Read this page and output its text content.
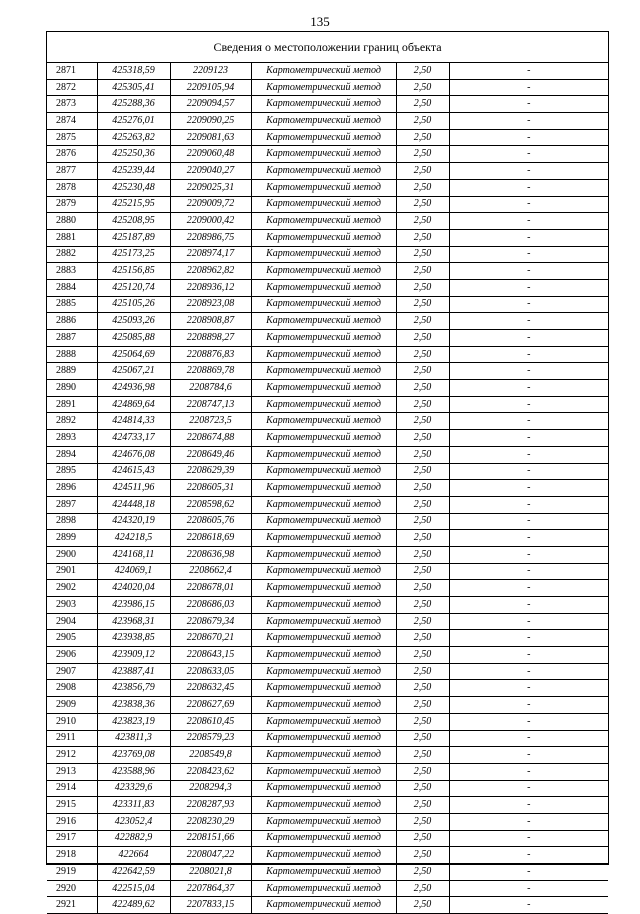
135
Сведения о местоположении границ объекта
2871	425318,59	2209123	Картометрический метод	2,50	-
2872	425305,41	2209105,94	Картометрический метод	2,50	-
2873	425288,36	2209094,57	Картометрический метод	2,50	-
2874	425276,01	2209090,25	Картометрический метод	2,50	-
2875	425263,82	2209081,63	Картометрический метод	2,50	-
2876	425250,36	2209060,48	Картометрический метод	2,50	-
2877	425239,44	2209040,27	Картометрический метод	2,50	-
2878	425230,48	2209025,31	Картометрический метод	2,50	-
2879	425215,95	2209009,72	Картометрический метод	2,50	-
2880	425208,95	2209000,42	Картометрический метод	2,50	-
2881	425187,89	2208986,75	Картометрический метод	2,50	-
2882	425173,25	2208974,17	Картометрический метод	2,50	-
2883	425156,85	2208962,82	Картометрический метод	2,50	-
2884	425120,74	2208936,12	Картометрический метод	2,50	-
2885	425105,26	2208923,08	Картометрический метод	2,50	-
2886	425093,26	2208908,87	Картометрический метод	2,50	-
2887	425085,88	2208898,27	Картометрический метод	2,50	-
2888	425064,69	2208876,83	Картометрический метод	2,50	-
2889	425067,21	2208869,78	Картометрический метод	2,50	-
2890	424936,98	2208784,6	Картометрический метод	2,50	-
2891	424869,64	2208747,13	Картометрический метод	2,50	-
2892	424814,33	2208723,5	Картометрический метод	2,50	-
2893	424733,17	2208674,88	Картометрический метод	2,50	-
2894	424676,08	2208649,46	Картометрический метод	2,50	-
2895	424615,43	2208629,39	Картометрический метод	2,50	-
2896	424511,96	2208605,31	Картометрический метод	2,50	-
2897	424448,18	2208598,62	Картометрический метод	2,50	-
2898	424320,19	2208605,76	Картометрический метод	2,50	-
2899	424218,5	2208618,69	Картометрический метод	2,50	-
2900	424168,11	2208636,98	Картометрический метод	2,50	-
2901	424069,1	2208662,4	Картометрический метод	2,50	-
2902	424020,04	2208678,01	Картометрический метод	2,50	-
2903	423986,15	2208686,03	Картометрический метод	2,50	-
2904	423968,31	2208679,34	Картометрический метод	2,50	-
2905	423938,85	2208670,21	Картометрический метод	2,50	-
2906	423909,12	2208643,15	Картометрический метод	2,50	-
2907	423887,41	2208633,05	Картометрический метод	2,50	-
2908	423856,79	2208632,45	Картометрический метод	2,50	-
2909	423838,36	2208627,69	Картометрический метод	2,50	-
2910	423823,19	2208610,45	Картометрический метод	2,50	-
2911	423811,3	2208579,23	Картометрический метод	2,50	-
2912	423769,08	2208549,8	Картометрический метод	2,50	-
2913	423588,96	2208423,62	Картометрический метод	2,50	-
2914	423329,6	2208294,3	Картометрический метод	2,50	-
2915	423311,83	2208287,93	Картометрический метод	2,50	-
2916	423052,4	2208230,29	Картометрический метод	2,50	-
2917	422882,9	2208151,66	Картометрический метод	2,50	-
2918	422664	2208047,22	Картометрический метод	2,50	-
2919	422642,59	2208021,8	Картометрический метод	2,50	-
2920	422515,04	2207864,37	Картометрический метод	2,50	-
2921	422489,62	2207833,15	Картометрический метод	2,50	-
